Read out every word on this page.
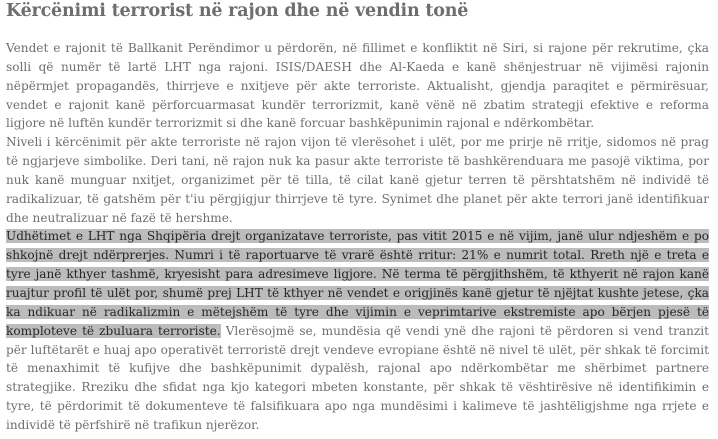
Kërcënimi terrorist në rajon dhe në vendin tonë

Vendet e rajonit të Ballkanit Perëndimor u përdorën, në fillimet e konfliktit në Siri, si rajone për rekrutime, çka solli që numër të lartë LHT nga rajoni. ISIS/DAESH dhe Al-Kaeda e kanë shënjestruar në vijimësi rajonin nëpërmjet propagandës, thirrjeve e nxitjeve për akte terroriste. Aktualisht, gjendja paraqitet e përmirësuar, vendet e rajonit kanë përforcuarmasat kundër terrorizmit, kanë vënë në zbatim strategji efektive e reforma ligjore në luftën kundër terrorizmit si dhe kanë forcuar bashkëpunimin rajonal e ndërkombëtar.

Niveli i kërcënimit për akte terroriste në rajon vijon të vlerësohet i ulët, por me prirje në rritje, sidomos në prag të ngjarjeve simbolike. Deri tani, në rajon nuk ka pasur akte terroriste të bashkërenduara me pasojë viktima, por nuk kanë munguar nxitjet, organizimet për të tilla, të cilat kanë gjetur terren të përshtatshëm në individë të radikalizuar, të gatshëm për t'iu përgjigjur thirrjeve të tyre. Synimet dhe planet për akte terrori janë identifikuar dhe neutralizuar në fazë të hershme.

Udhëtimet e LHT nga Shqipëria drejt organizatave terroriste, pas vitit 2015 e në vijim, janë ulur ndjeshëm e po shkojnë drejt ndërprerjes. Numri i të raportuarve të vrarë është rritur: 21% e numrit total. Rreth një e treta e tyre janë kthyer tashmë, kryesisht para adresimeve ligjore. Në terma të përgjithshëm, të kthyerit në rajon kanë ruajtur profil të ulët por, shumë prej LHT të kthyer në vendet e origjinës kanë gjetur të njëjtat kushte jetese, çka ka ndikuar në radikalizmin e mëtejshëm të tyre dhe vijimin e veprimtarive ekstremiste apo bërjen pjesë të komploteve të zbuluara terroriste. Vlerësojmë se, mundësia që vendi ynë dhe rajoni të përdoren si vend tranzit për luftëtarët e huaj apo operativët terroristë drejt vendeve evropiane është në nivel të ulët, për shkak të forcimit të menaxhimit të kufijve dhe bashkëpunimit dypalësh, rajonal apo ndërkombëtar me shërbimet partnere strategjike. Rreziku dhe sfidat nga kjo kategori mbeten konstante, për shkak të vështirësive në identifikimin e tyre, të përdorimit të dokumenteve të falsifikuara apo nga mundësimi i kalimeve të jashtëligjshme nga rrjete e individë të përfshirë në trafikun njerëzor.
